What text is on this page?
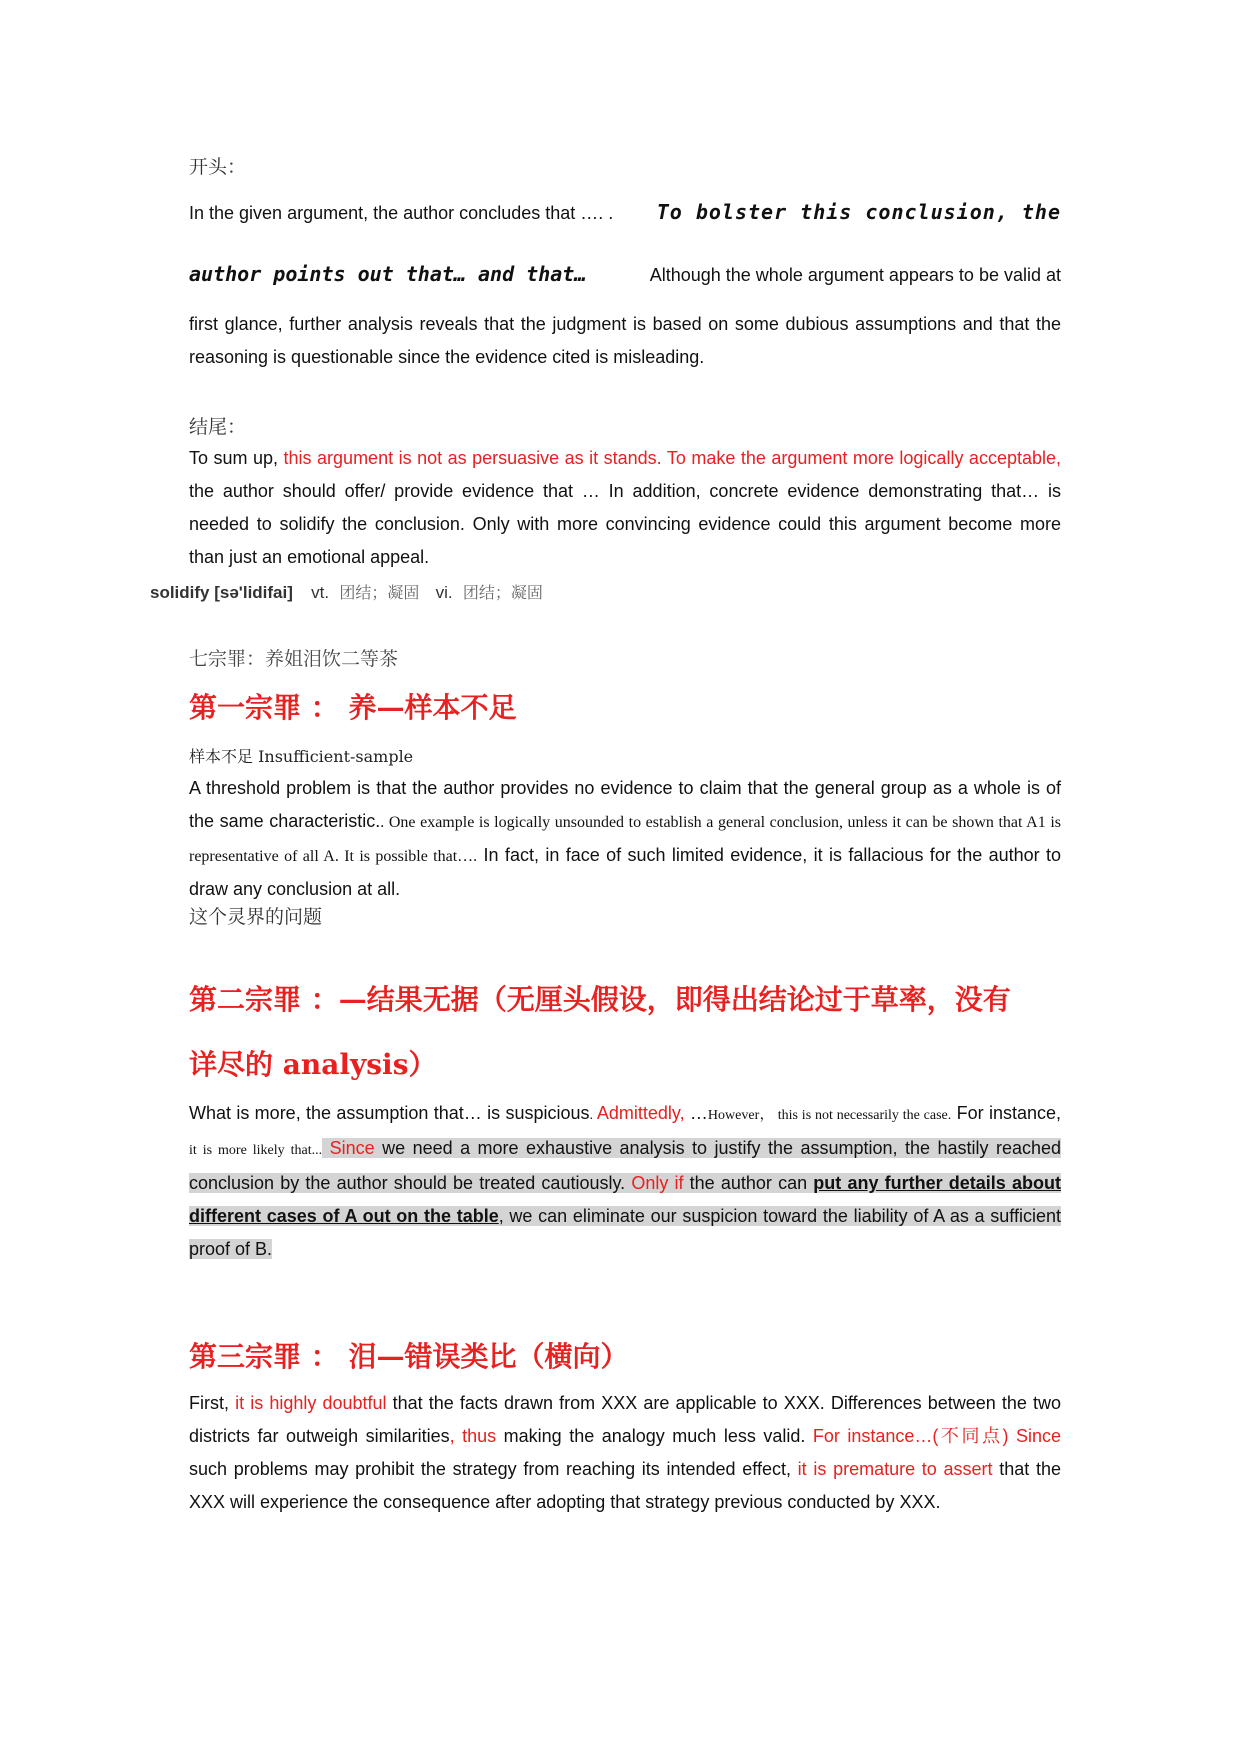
开头：
In the given argument, the author concludes that …. . To bolster this conclusion, the
author points out that… and that…	Although the whole argument appears to be valid at
first glance, further analysis reveals that the judgment is based on some dubious assumptions and that the reasoning is questionable since the evidence cited is misleading.
结尾：
To sum up, this argument is not as persuasive as it stands. To make the argument more logically acceptable, the author should offer/ provide evidence that … In addition, concrete evidence demonstrating that… is needed to solidify the conclusion. Only with more convincing evidence could this argument become more than just an emotional appeal.
solidify [sə'lidifai] vt. 团结；凝固 vi. 团结；凝固
七宗罪：养姐泪饮二等茶
第一宗罪 ： 养—样本不足
样本不足 Insufficient-sample
A threshold problem is that the author provides no evidence to claim that the general group as a whole is of the same characteristic.. One example is logically unsounded to establish a general conclusion, unless it can be shown that A1 is representative of all A. It is possible that…. In fact, in face of such limited evidence, it is fallacious for the author to draw any conclusion at all.
这个灵界的问题
第二宗罪 ：—结果无据（无厘头假设，即得出结论过于草率，没有
详尽的 analysis）
What is more, the assumption that… is suspicious. Admittedly, …However， this is not necessarily the case. For instance, it is more likely that... Since we need a more exhaustive analysis to justify the assumption, the hastily reached conclusion by the author should be treated cautiously. Only if the author can put any further details about different cases of A out on the table, we can eliminate our suspicion toward the liability of A as a sufficient proof of B.
第三宗罪 ： 泪—错误类比（横向）
First, it is highly doubtful that the facts drawn from XXX are applicable to XXX. Differences between the two districts far outweigh similarities, thus making the analogy much less valid. For instance…(不同点) Since such problems may prohibit the strategy from reaching its intended effect, it is premature to assert that the XXX will experience the consequence after adopting that strategy previous conducted by XXX.
